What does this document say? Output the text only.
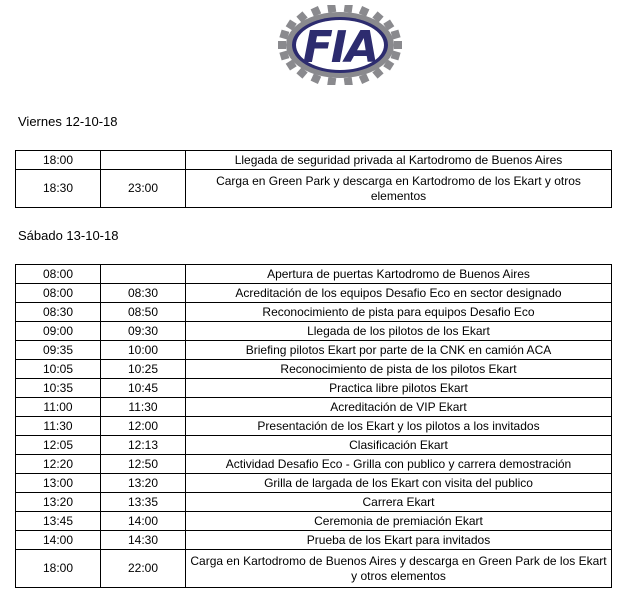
FIA
Viernes 12-10-18
18:00		Llegada de seguridad privada al Kartodromo de Buenos Aires
18:30	23:00	Carga en Green Park y descarga en Kartodromo de los Ekart y otros elementos
Sábado 13-10-18
08:00		Apertura de puertas Kartodromo de Buenos Aires
08:00	08:30	Acreditación de los equipos Desafio Eco en sector designado
08:30	08:50	Reconocimiento de pista para equipos Desafio Eco
09:00	09:30	Llegada de los pilotos de los Ekart
09:35	10:00	Briefing pilotos Ekart por parte de la CNK en camión ACA
10:05	10:25	Reconocimiento de pista de los pilotos Ekart
10:35	10:45	Practica libre pilotos Ekart
11:00	11:30	Acreditación de VIP Ekart
11:30	12:00	Presentación de los Ekart y los pilotos a los invitados
12:05	12:13	Clasificación Ekart
12:20	12:50	Actividad Desafio Eco - Grilla con publico y carrera demostración
13:00	13:20	Grilla de largada de los Ekart con visita del publico
13:20	13:35	Carrera Ekart
13:45	14:00	Ceremonia de premiación Ekart
14:00	14:30	Prueba de los Ekart para invitados
18:00	22:00	Carga en Kartodromo de Buenos Aires y descarga en Green Park de los Ekart y otros elementos
